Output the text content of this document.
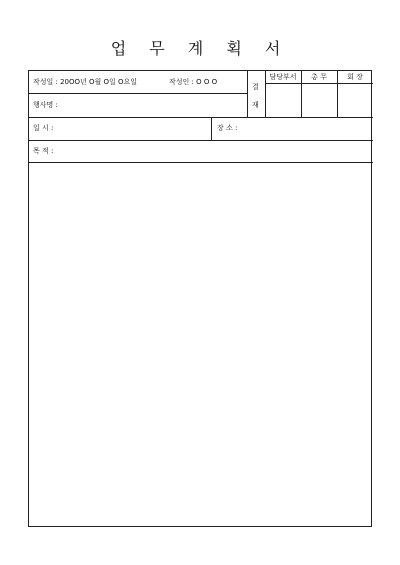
업 무 계 획 서
작성일 : 20OO년 O월 O일 O요일	작성인 : O O O
행사명 :
결
재
담당부서	총 무	회 장
일 시 :	장 소 :
목 적 :
